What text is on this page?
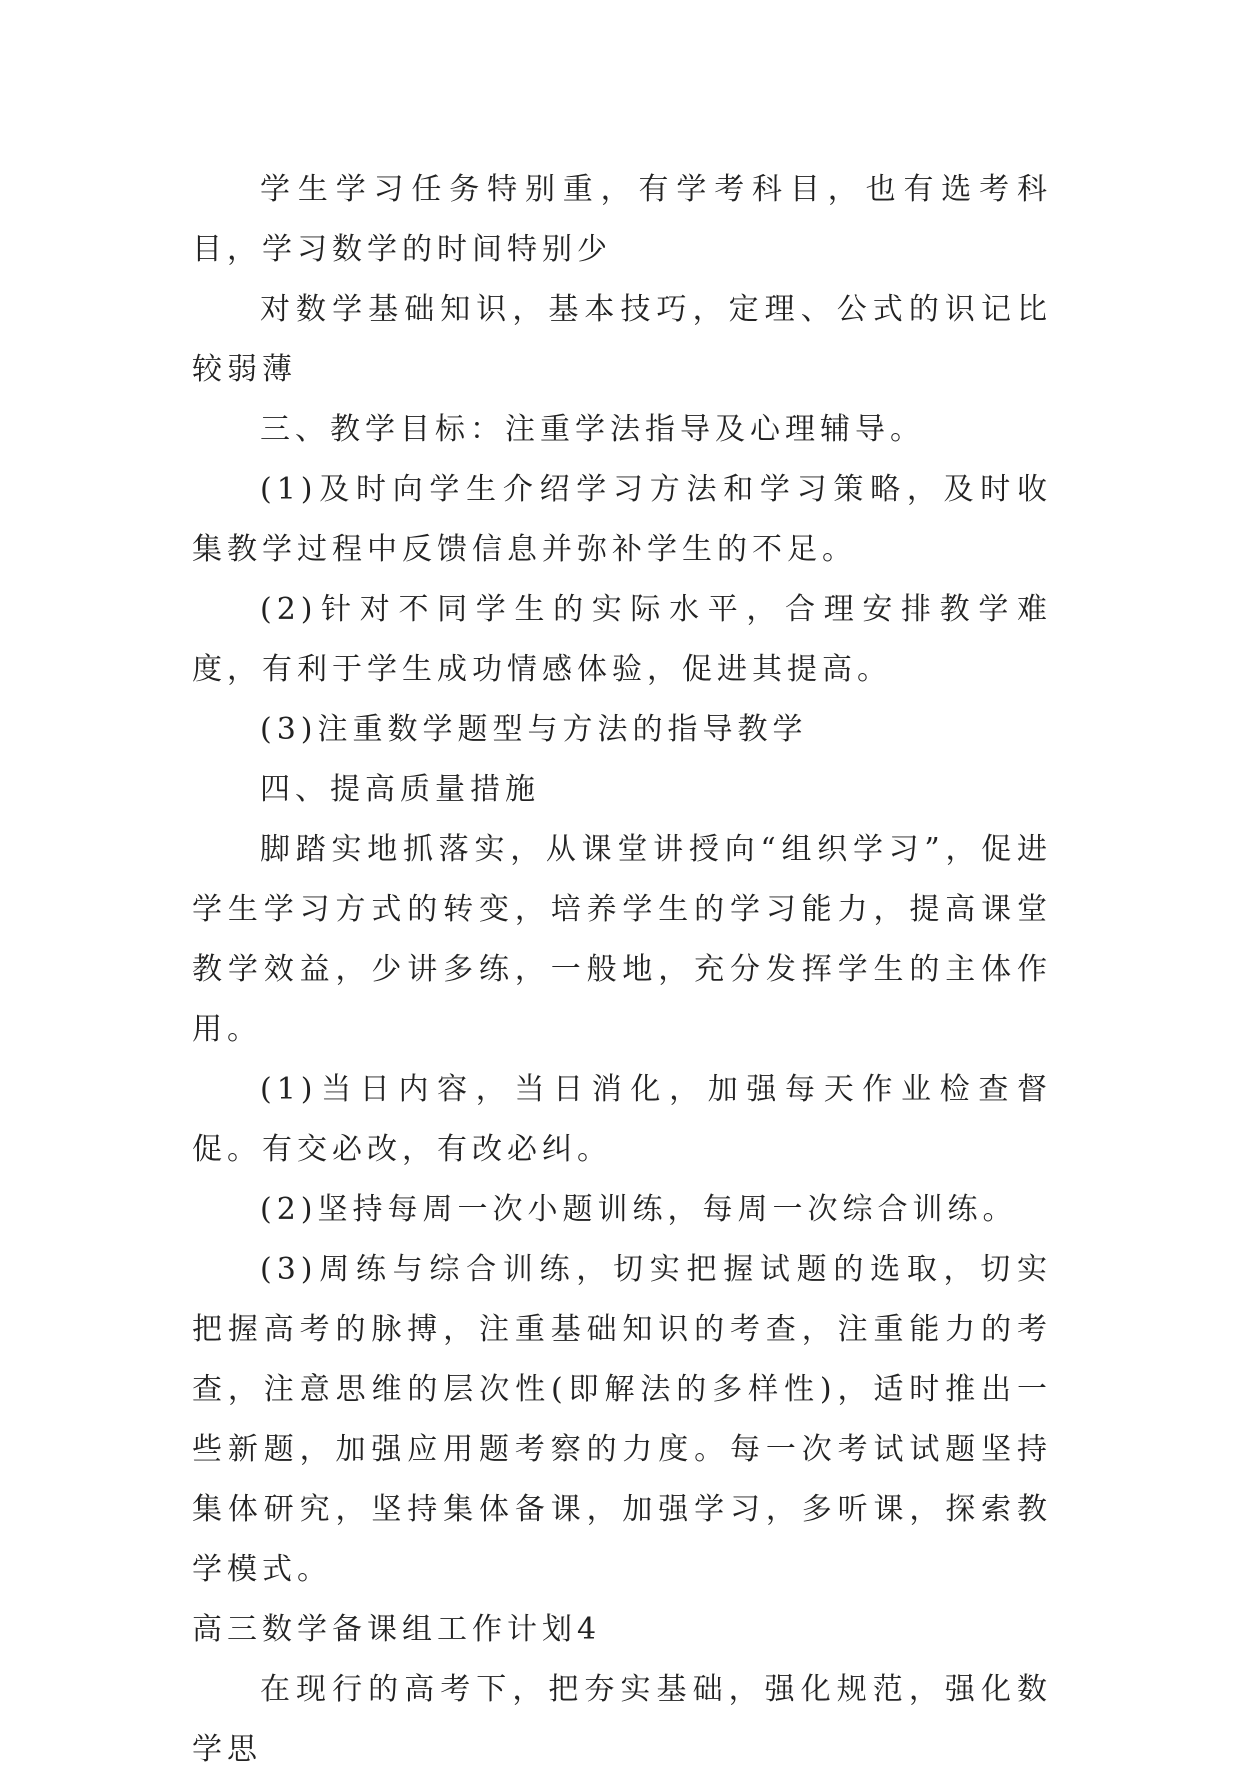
学生学习任务特别重，有学考科目，也有选考科目，学习数学的时间特别少

对数学基础知识，基本技巧，定理、公式的识记比较弱薄

三、教学目标：注重学法指导及心理辅导。

(1)及时向学生介绍学习方法和学习策略，及时收集教学过程中反馈信息并弥补学生的不足。

(2)针对不同学生的实际水平，合理安排教学难度，有利于学生成功情感体验，促进其提高。

(3)注重数学题型与方法的指导教学

四、提高质量措施

脚踏实地抓落实，从课堂讲授向“组织学习”，促进学生学习方式的转变，培养学生的学习能力，提高课堂教学效益，少讲多练，一般地，充分发挥学生的主体作用。

(1)当日内容，当日消化，加强每天作业检查督促。有交必改，有改必纠。

(2)坚持每周一次小题训练，每周一次综合训练。

(3)周练与综合训练，切实把握试题的选取，切实把握高考的脉搏，注重基础知识的考查，注重能力的考查，注意思维的层次性(即解法的多样性)，适时推出一些新题，加强应用题考察的力度。每一次考试试题坚持集体研究，坚持集体备课，加强学习，多听课，探索教学模式。

高三数学备课组工作计划4

在现行的高考下，把夯实基础，强化规范，强化数学思
